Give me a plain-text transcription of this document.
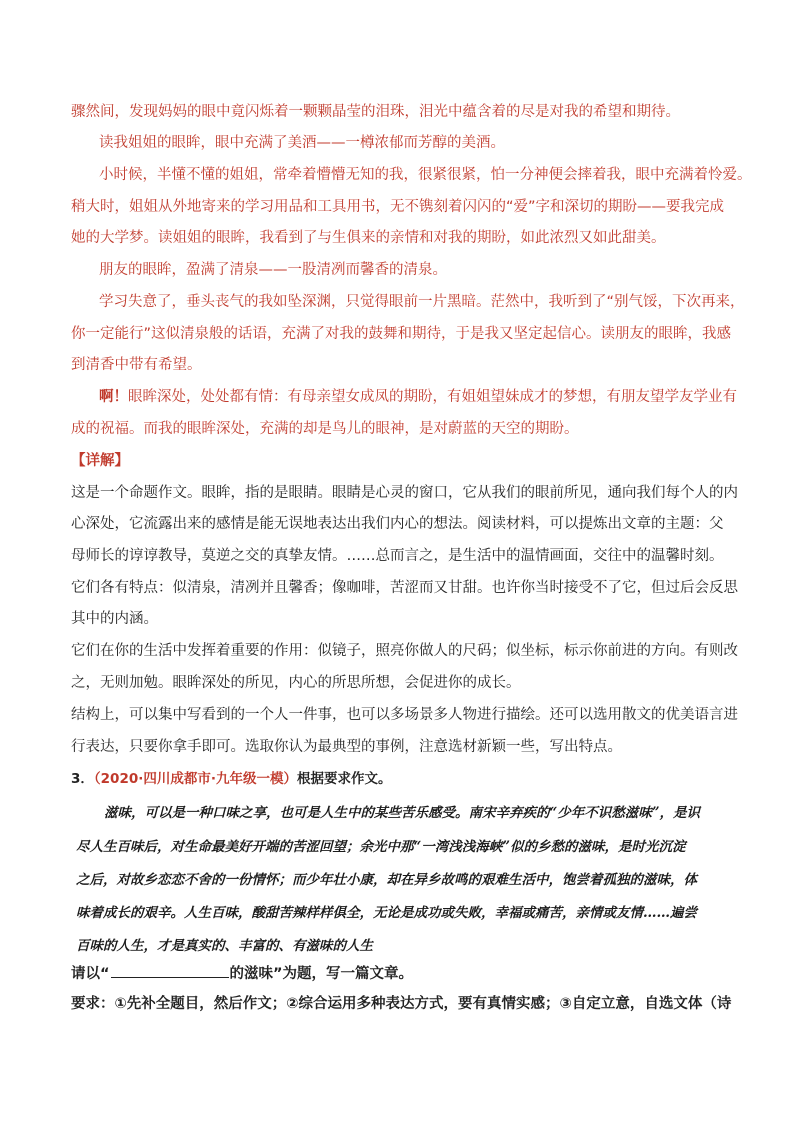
骤然间，发现妈妈的眼中竟闪烁着一颗颗晶莹的泪珠，泪光中蕴含着的尽是对我的希望和期待。
读我姐姐的眼眸，眼中充满了美酒——一樽浓郁而芳醇的美酒。
小时候，半懂不懂的姐姐，常牵着懵懵无知的我，很紧很紧，怕一分神便会摔着我，眼中充满着怜爱。
稍大时，姐姐从外地寄来的学习用品和工具用书，无不镌刻着闪闪的“爱”字和深切的期盼——要我完成
她的大学梦。读姐姐的眼眸，我看到了与生俱来的亲情和对我的期盼，如此浓烈又如此甜美。
朋友的眼眸，盈满了清泉——一股清冽而馨香的清泉。
学习失意了，垂头丧气的我如坠深渊，只觉得眼前一片黑暗。茫然中，我听到了“别气馁，下次再来，
你一定能行”这似清泉般的话语，充满了对我的鼓舞和期待，于是我又坚定起信心。读朋友的眼眸，我感
到清香中带有希望。
啊！眼眸深处，处处都有情：有母亲望女成凤的期盼，有姐姐望妹成才的梦想，有朋友望学友学业有
成的祝福。而我的眼眸深处，充满的却是鸟儿的眼神，是对蔚蓝的天空的期盼。
【详解】
这是一个命题作文。眼眸，指的是眼睛。眼睛是心灵的窗口，它从我们的眼前所见，通向我们每个人的内
心深处，它流露出来的感情是能无误地表达出我们内心的想法。阅读材料，可以提炼出文章的主题：父
母师长的谆谆教导，莫逆之交的真挚友情。……总而言之，是生活中的温情画面，交往中的温馨时刻。
它们各有特点：似清泉，清冽并且馨香；像咖啡，苦涩而又甘甜。也许你当时接受不了它，但过后会反思
其中的内涵。
它们在你的生活中发挥着重要的作用：似镜子，照亮你做人的尺码；似坐标，标示你前进的方向。有则改
之，无则加勉。眼眸深处的所见，内心的所思所想，会促进你的成长。
结构上，可以集中写看到的一个人一件事，也可以多场景多人物进行描绘。还可以选用散文的优美语言进
行表达，只要你拿手即可。选取你认为最典型的事例，注意选材新颖一些，写出特点。
3．（2020·四川成都市·九年级一模）根据要求作文。
滋味，可以是一种口味之享，也可是人生中的某些苦乐感受。南宋辛弃疾的“少年不识愁滋味”，是识
尽人生百味后，对生命最美好开端的苦涩回望；余光中那“一湾浅浅海峡”似的乡愁的滋味，是时光沉淀
之后，对故乡恋恋不舍的一份情怀；而少年壮小康，却在异乡故鸣的艰难生活中，饱尝着孤独的滋味，体
味着成长的艰辛。人生百味，酸甜苦辣样样俱全，无论是成功或失败，幸福或痛苦，亲情或友情……遍尝
百味的人生，才是真实的、丰富的、有滋味的人生
请以“	的滋味”为题，写一篇文章。
要求：①先补全题目，然后作文；②综合运用多种表达方式，要有真情实感；③自定立意，自选文体（诗
